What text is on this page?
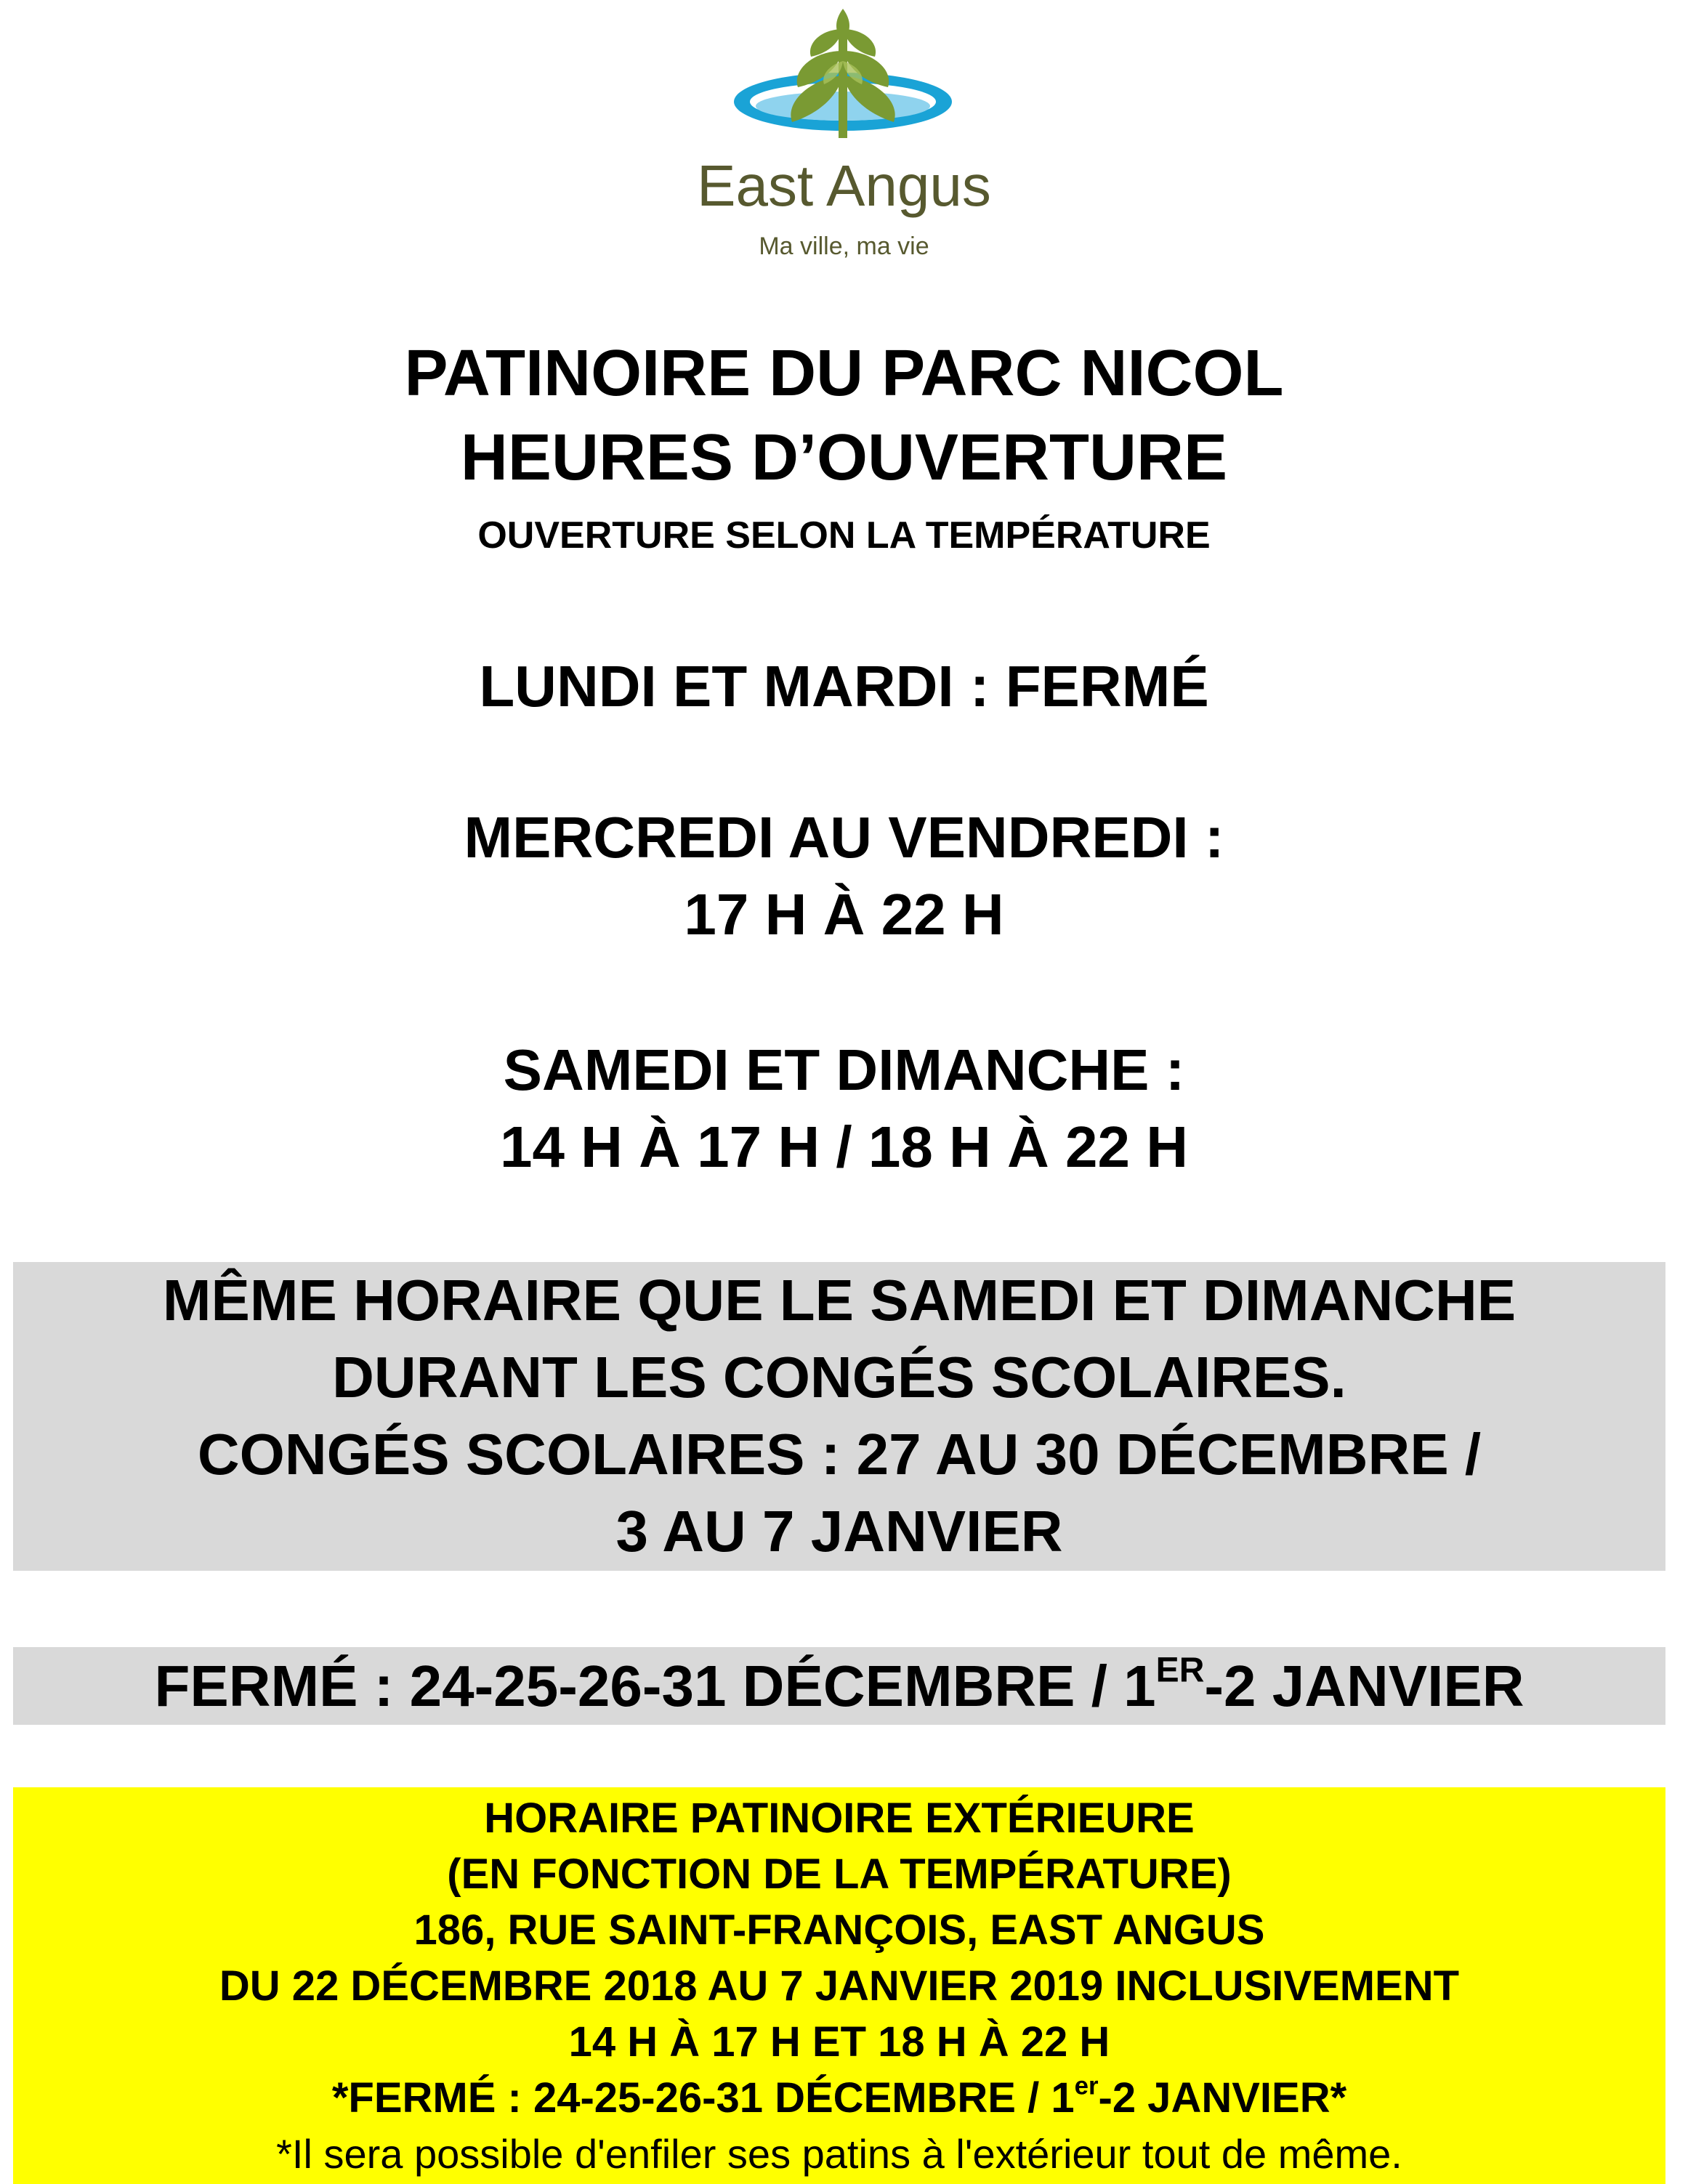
East Angus
Ma ville, ma vie
PATINOIRE DU PARC NICOL
HEURES D’OUVERTURE
OUVERTURE SELON LA TEMPÉRATURE
LUNDI ET MARDI : FERMÉ
MERCREDI AU VENDREDI :
17 H À 22 H
SAMEDI ET DIMANCHE :
14 H À 17 H / 18 H À 22 H
MÊME HORAIRE QUE LE SAMEDI ET DIMANCHE
DURANT LES CONGÉS SCOLAIRES.
CONGÉS SCOLAIRES : 27 AU 30 DÉCEMBRE /
3 AU 7 JANVIER
FERMÉ : 24-25-26-31 DÉCEMBRE / 1ER-2 JANVIER
HORAIRE PATINOIRE EXTÉRIEURE
(EN FONCTION DE LA TEMPÉRATURE)
186, RUE SAINT-FRANÇOIS, EAST ANGUS
DU 22 DÉCEMBRE 2018 AU 7 JANVIER 2019 INCLUSIVEMENT
14 H À 17 H ET 18 H À 22 H
*FERMÉ : 24-25-26-31 DÉCEMBRE / 1er-2 JANVIER*
*Il sera possible d'enfiler ses patins à l'extérieur tout de même.
